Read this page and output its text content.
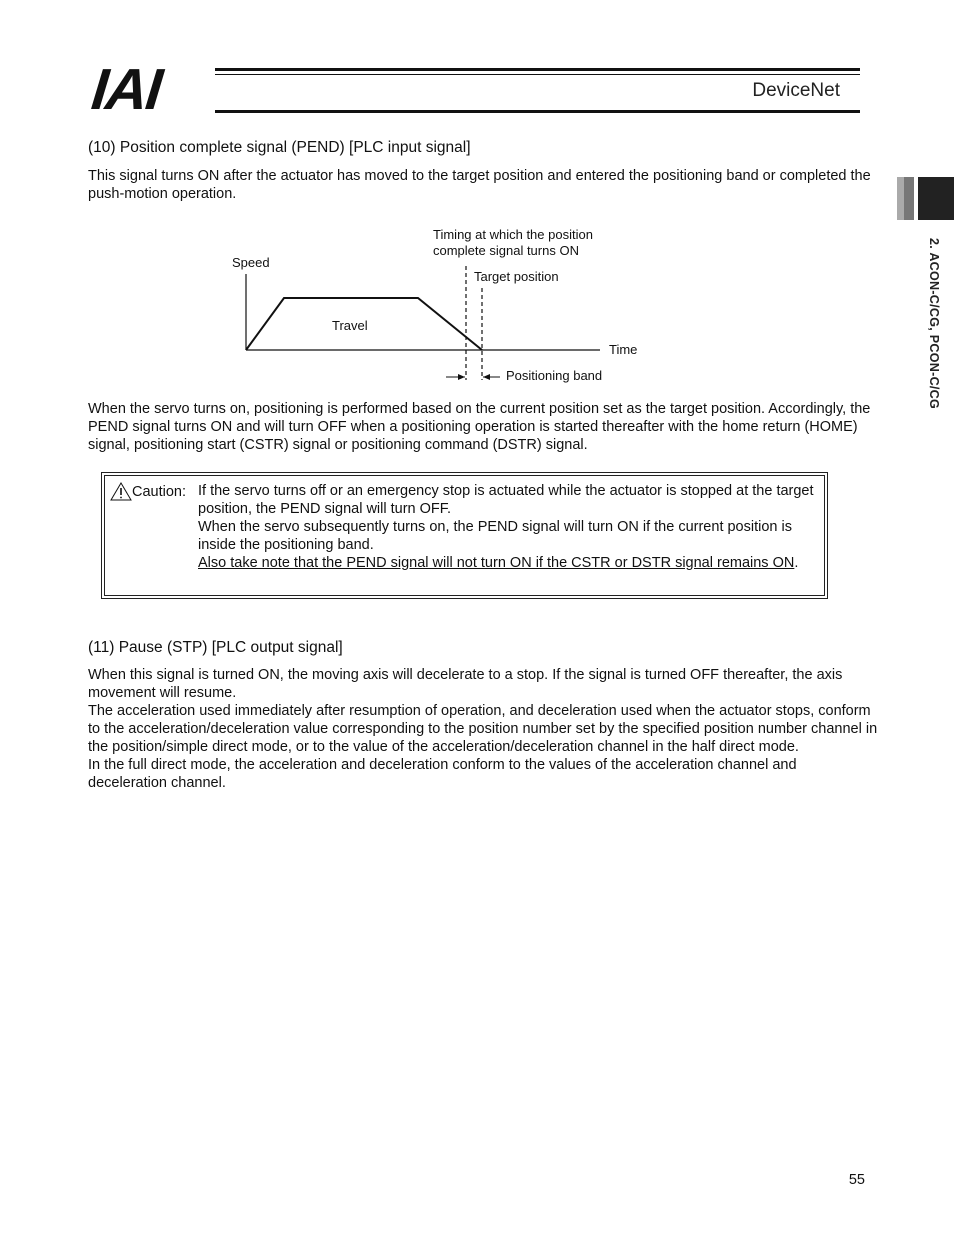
IAI	DeviceNet
2. ACON-C/CG, PCON-C/CG
(10) Position complete signal (PEND) [PLC input signal]

This signal turns ON after the actuator has moved to the target position and entered the positioning band or completed the push-motion operation.

Timing at which the position
complete signal turns ON
Speed
Target position
Travel
Time
Positioning band

When the servo turns on, positioning is performed based on the current position set as the target position. Accordingly, the PEND signal turns ON and will turn OFF when a positioning operation is started thereafter with the home return (HOME) signal, positioning start (CSTR) signal or positioning command (DSTR) signal.

Caution: If the servo turns off or an emergency stop is actuated while the actuator is stopped at the target position, the PEND signal will turn OFF.

When the servo subsequently turns on, the PEND signal will turn ON if the current position is inside the positioning band.

Also take note that the PEND signal will not turn ON if the CSTR or DSTR signal remains ON.

(11) Pause (STP) [PLC output signal]

When this signal is turned ON, the moving axis will decelerate to a stop. If the signal is turned OFF thereafter, the axis movement will resume.

The acceleration used immediately after resumption of operation, and deceleration used when the actuator stops, conform to the acceleration/deceleration value corresponding to the position number set by the specified position number channel in the position/simple direct mode, or to the value of the acceleration/deceleration channel in the half direct mode.

In the full direct mode, the acceleration and deceleration conform to the values of the acceleration channel and deceleration channel.

55
